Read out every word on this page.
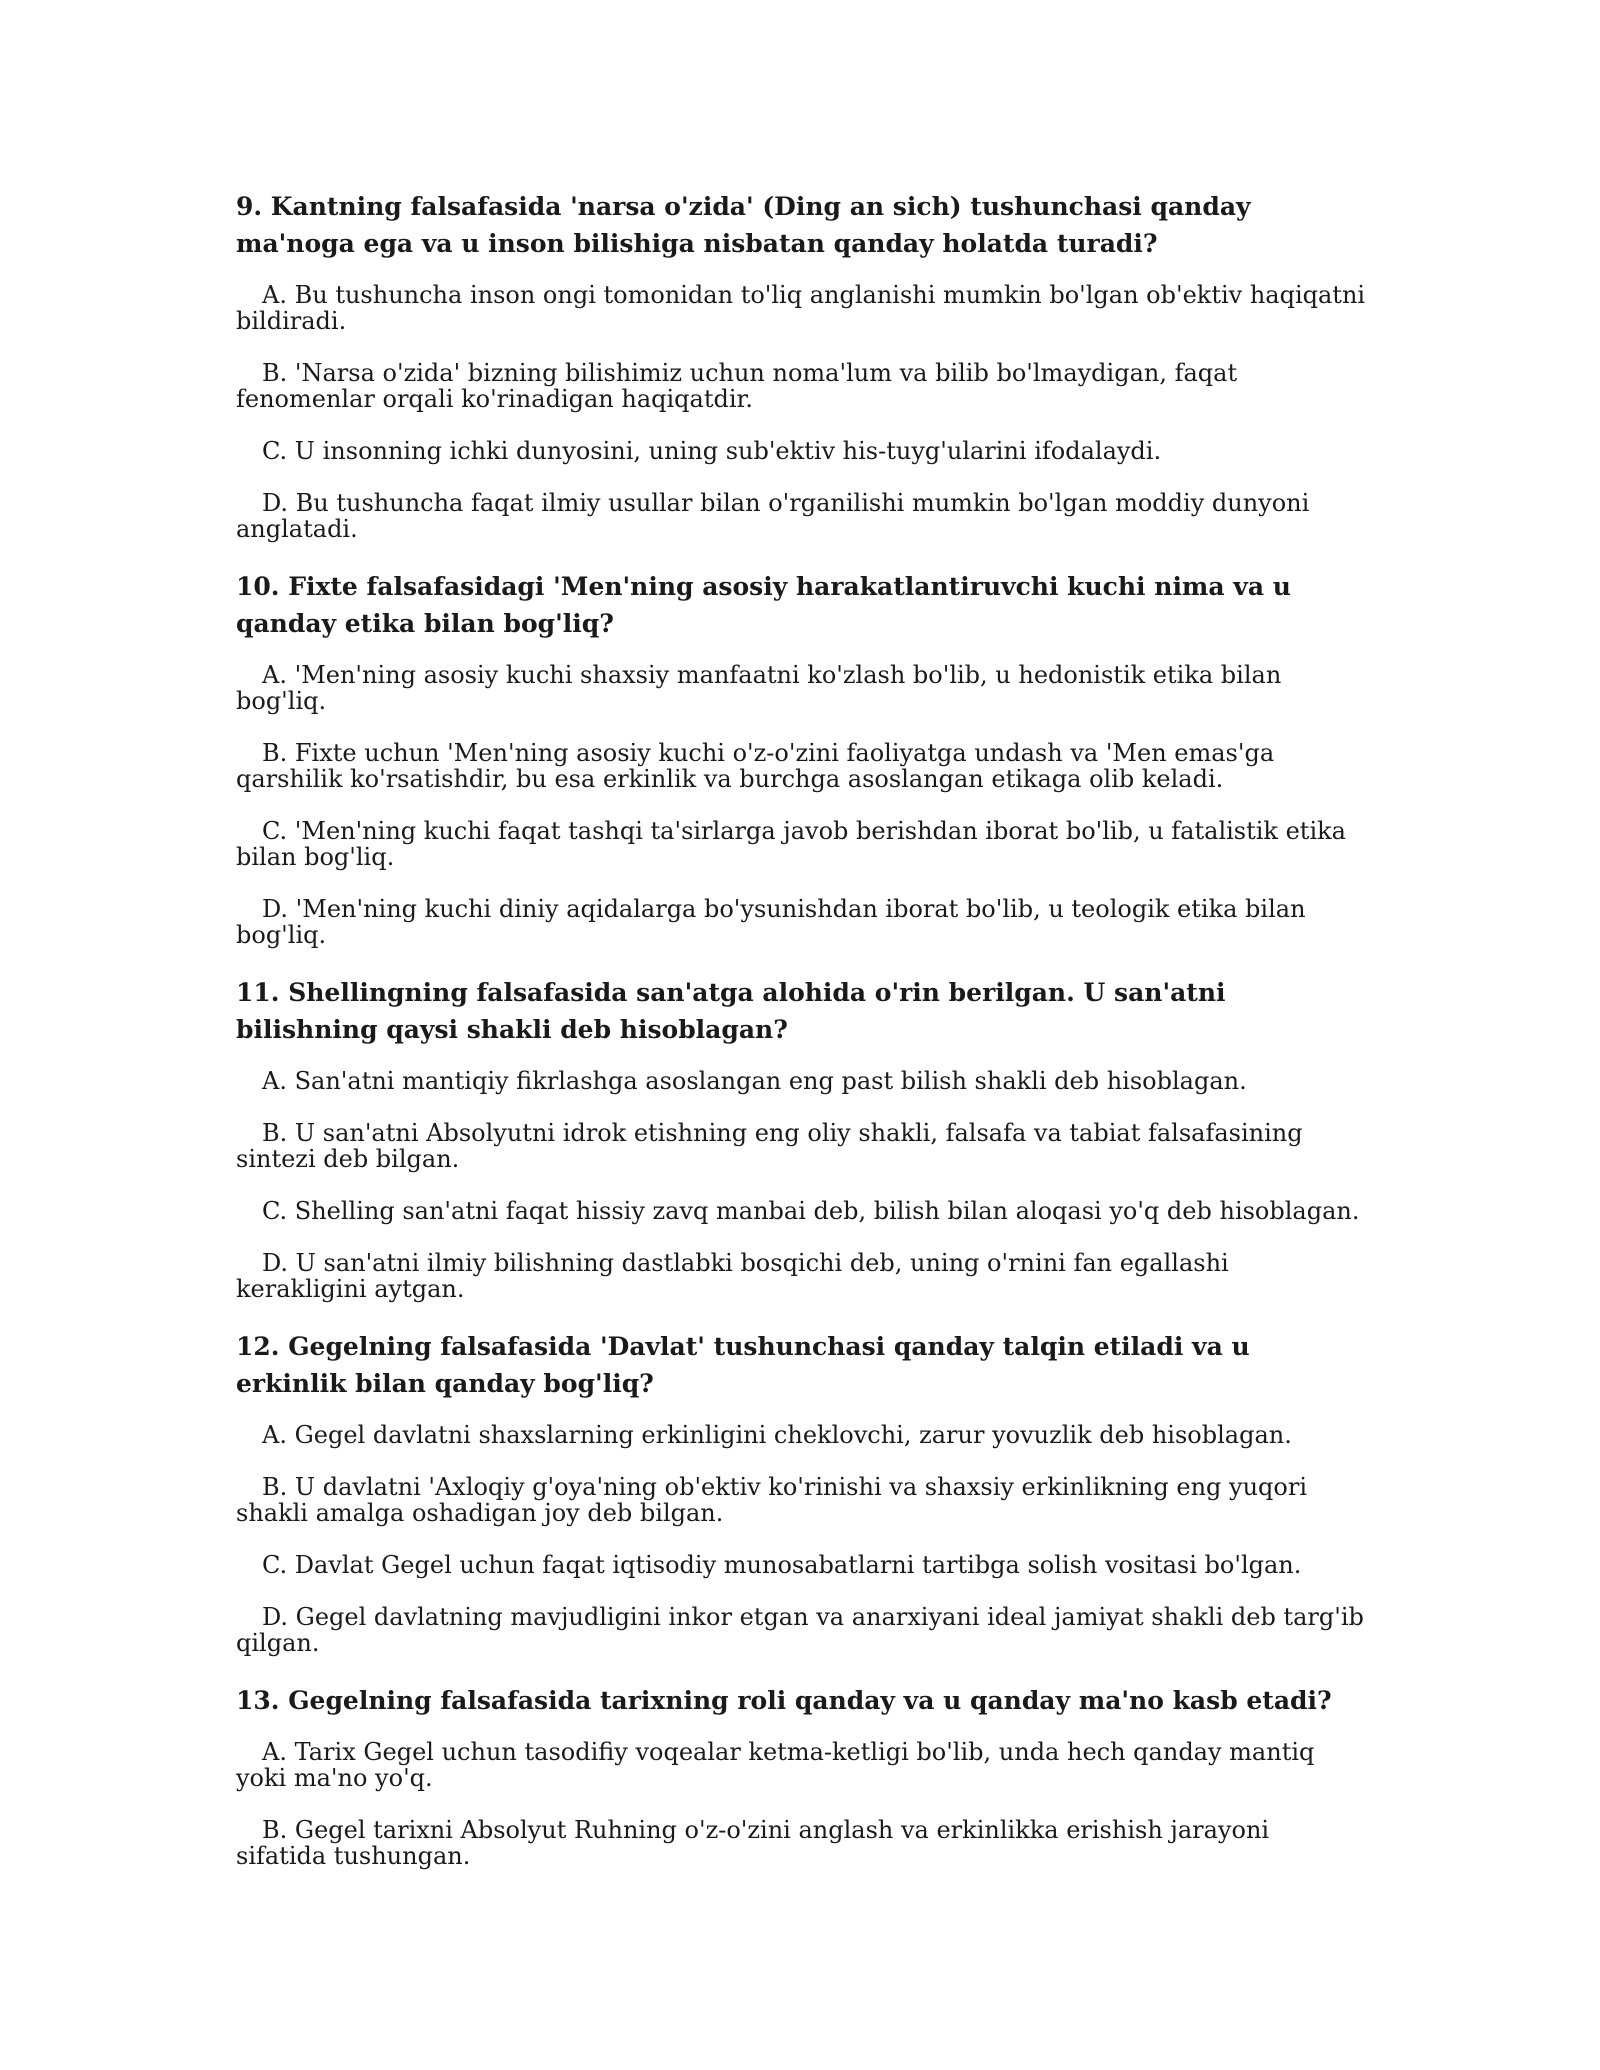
9. Kantning falsafasida 'narsa o'zida' (Ding an sich) tushunchasi qanday ma'noga ega va u inson bilishiga nisbatan qanday holatda turadi?

A. Bu tushuncha inson ongi tomonidan to'liq anglanishi mumkin bo'lgan ob'ektiv haqiqatni bildiradi.

B. 'Narsa o'zida' bizning bilishimiz uchun noma'lum va bilib bo'lmaydigan, faqat fenomenlar orqali ko'rinadigan haqiqatdir.

C. U insonning ichki dunyosini, uning sub'ektiv his-tuyg'ularini ifodalaydi.

D. Bu tushuncha faqat ilmiy usullar bilan o'rganilishi mumkin bo'lgan moddiy dunyoni anglatadi.

10. Fixte falsafasidagi 'Men'ning asosiy harakatlantiruvchi kuchi nima va u qanday etika bilan bog'liq?

A. 'Men'ning asosiy kuchi shaxsiy manfaatni ko'zlash bo'lib, u hedonistik etika bilan bog'liq.

B. Fixte uchun 'Men'ning asosiy kuchi o'z-o'zini faoliyatga undash va 'Men emas'ga qarshilik ko'rsatishdir, bu esa erkinlik va burchga asoslangan etikaga olib keladi.

C. 'Men'ning kuchi faqat tashqi ta'sirlarga javob berishdan iborat bo'lib, u fatalistik etika bilan bog'liq.

D. 'Men'ning kuchi diniy aqidalarga bo'ysunishdan iborat bo'lib, u teologik etika bilan bog'liq.

11. Shellingning falsafasida san'atga alohida o'rin berilgan. U san'atni bilishning qaysi shakli deb hisoblagan?

A. San'atni mantiqiy fikrlashga asoslangan eng past bilish shakli deb hisoblagan.

B. U san'atni Absolyutni idrok etishning eng oliy shakli, falsafa va tabiat falsafasining sintezi deb bilgan.

C. Shelling san'atni faqat hissiy zavq manbai deb, bilish bilan aloqasi yo'q deb hisoblagan.

D. U san'atni ilmiy bilishning dastlabki bosqichi deb, uning o'rnini fan egallashi kerakligini aytgan.

12. Gegelning falsafasida 'Davlat' tushunchasi qanday talqin etiladi va u erkinlik bilan qanday bog'liq?

A. Gegel davlatni shaxslarning erkinligini cheklovchi, zarur yovuzlik deb hisoblagan.

B. U davlatni 'Axloqiy g'oya'ning ob'ektiv ko'rinishi va shaxsiy erkinlikning eng yuqori shakli amalga oshadigan joy deb bilgan.

C. Davlat Gegel uchun faqat iqtisodiy munosabatlarni tartibga solish vositasi bo'lgan.

D. Gegel davlatning mavjudligini inkor etgan va anarxiyani ideal jamiyat shakli deb targ'ib qilgan.

13. Gegelning falsafasida tarixning roli qanday va u qanday ma'no kasb etadi?

A. Tarix Gegel uchun tasodifiy voqealar ketma-ketligi bo'lib, unda hech qanday mantiq yoki ma'no yo'q.

B. Gegel tarixni Absolyut Ruhning o'z-o'zini anglash va erkinlikka erishish jarayoni sifatida tushungan.
